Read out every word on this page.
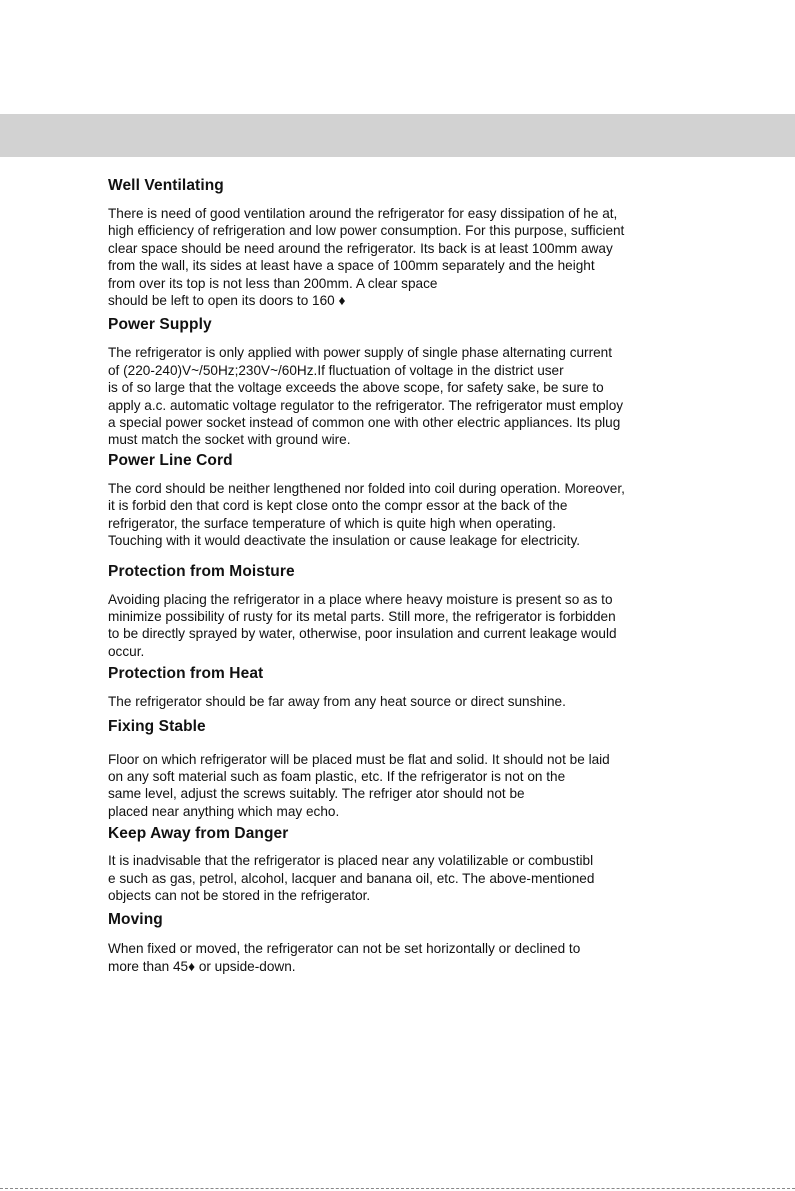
Well Ventilating
There is need of good ventilation around the refrigerator for easy dissipation of he at,
high efficiency of refrigeration and low power consumption. For this purpose, sufficient
clear space should be need around the refrigerator. Its back is at least 100mm away
from the wall, its sides at least have a space of 100mm separately and the height
from over its top is not less than 200mm. A clear space
should be left to open its doors to 160 ♦
Power Supply
The refrigerator is only applied with power supply of single phase alternating current
of (220-240)V~/50Hz;230V~/60Hz.If fluctuation of voltage in the district user
is of so large that the voltage exceeds the above scope, for safety sake, be sure to
apply a.c. automatic voltage regulator to the refrigerator. The refrigerator must employ
a special power socket instead of common one with other electric appliances. Its plug
must match the socket with ground wire.
Power Line Cord
The cord should be neither lengthened nor folded into coil during operation. Moreover,
it is forbid den that cord is kept close onto the compr essor at the back of the
refrigerator, the surface temperature of which is quite high when operating.
Touching with it would deactivate the insulation or cause leakage for electricity.
Protection from Moisture
Avoiding placing the refrigerator in a place where heavy moisture is present so as to
minimize possibility of rusty for its metal parts. Still more, the refrigerator is forbidden
to be directly sprayed by water, otherwise, poor insulation and current leakage would
occur.
Protection from Heat
The refrigerator should be far away from any heat source or direct sunshine.
Fixing Stable
Floor on which refrigerator will be placed must be flat and solid. It should not be laid
on any soft material such as foam plastic, etc. If the refrigerator is not on the
same level, adjust the screws suitably. The refriger ator should not be
placed near anything which may echo.
Keep Away from Danger
It is inadvisable that the refrigerator is placed near any volatilizable or combustibl
e such as gas, petrol, alcohol, lacquer and banana oil, etc. The above-mentioned
objects can not be stored in the refrigerator.
Moving
When fixed or moved, the refrigerator can not be set horizontally or declined to
more than 45♦ or upside-down.
